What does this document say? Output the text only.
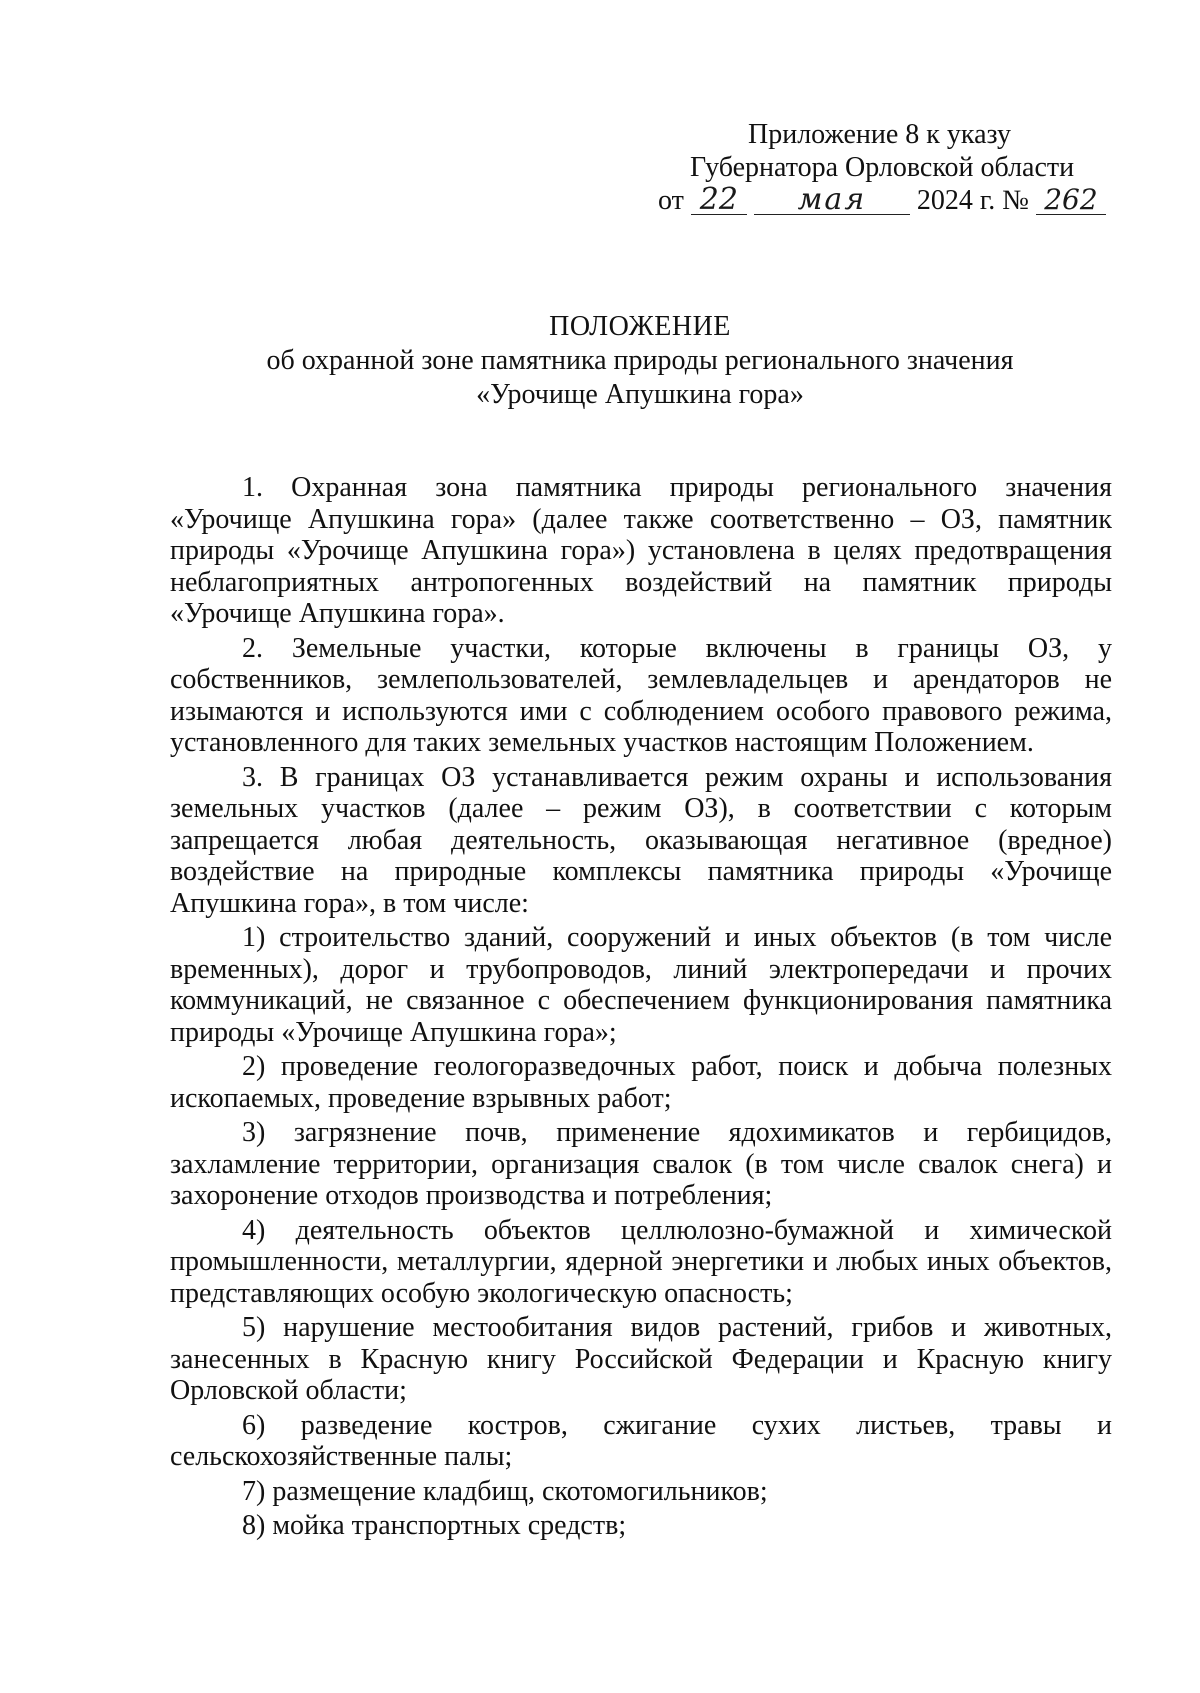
Приложение 8 к указу
Губернатора Орловской области
от 22 мая 2024 г. № 262
ПОЛОЖЕНИЕ
об охранной зоне памятника природы регионального значения
«Урочище Апушкина гора»

1. Охранная зона памятника природы регионального значения «Урочище Апушкина гора» (далее также соответственно – ОЗ, памятник природы «Урочище Апушкина гора») установлена в целях предотвращения неблагоприятных антропогенных воздействий на памятник природы «Урочище Апушкина гора».

2. Земельные участки, которые включены в границы ОЗ, у собственников, землепользователей, землевладельцев и арендаторов не изымаются и используются ими с соблюдением особого правового режима, установленного для таких земельных участков настоящим Положением.

3. В границах ОЗ устанавливается режим охраны и использования земельных участков (далее – режим ОЗ), в соответствии с которым запрещается любая деятельность, оказывающая негативное (вредное) воздействие на природные комплексы памятника природы «Урочище Апушкина гора», в том числе:

1) строительство зданий, сооружений и иных объектов (в том числе временных), дорог и трубопроводов, линий электропередачи и прочих коммуникаций, не связанное с обеспечением функционирования памятника природы «Урочище Апушкина гора»;

2) проведение геологоразведочных работ, поиск и добыча полезных ископаемых, проведение взрывных работ;

3) загрязнение почв, применение ядохимикатов и гербицидов, захламление территории, организация свалок (в том числе свалок снега) и захоронение отходов производства и потребления;

4) деятельность объектов целлюлозно-бумажной и химической промышленности, металлургии, ядерной энергетики и любых иных объектов, представляющих особую экологическую опасность;

5) нарушение местообитания видов растений, грибов и животных, занесенных в Красную книгу Российской Федерации и Красную книгу Орловской области;

6) разведение костров, сжигание сухих листьев, травы и сельскохозяйственные палы;

7) размещение кладбищ, скотомогильников;

8) мойка транспортных средств;
